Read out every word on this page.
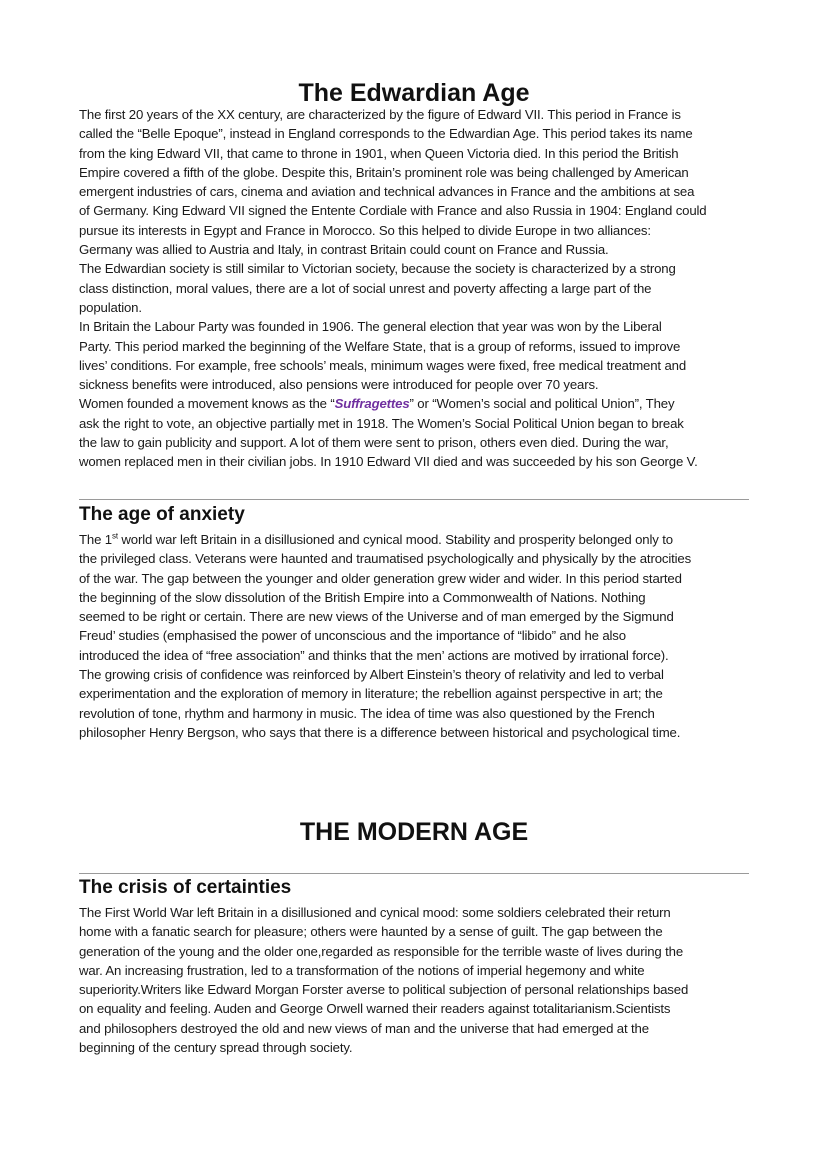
The Edwardian Age
The first 20 years of the XX century, are characterized by the figure of Edward VII. This period in France is
called the “Belle Epoque”, instead in England corresponds to the Edwardian Age. This period takes its name
from the king Edward VII, that came to throne in 1901, when Queen Victoria died. In this period the British
Empire covered a fifth of the globe. Despite this, Britain’s prominent role was being challenged by American
emergent industries of cars, cinema and aviation and technical advances in France and the ambitions at sea
of Germany. King Edward VII signed the Entente Cordiale with France and also Russia in 1904: England could
pursue its interests in Egypt and France in Morocco. So this helped to divide Europe in two alliances:
Germany was allied to Austria and Italy, in contrast Britain could count on France and Russia.
The Edwardian society is still similar to Victorian society, because the society is characterized by a strong
class distinction, moral values, there are a lot of social unrest and poverty affecting a large part of the
population.
In Britain the Labour Party was founded in 1906. The general election that year was won by the Liberal
Party. This period marked the beginning of the Welfare State, that is a group of reforms, issued to improve
lives’ conditions. For example, free schools’ meals, minimum wages were fixed, free medical treatment and
sickness benefits were introduced, also pensions were introduced for people over 70 years.
Women founded a movement knows as the “Suffragettes” or “Women’s social and political Union”, They
ask the right to vote, an objective partially met in 1918. The Women’s Social Political Union began to break
the law to gain publicity and support. A lot of them were sent to prison, others even died. During the war,
women replaced men in their civilian jobs. In 1910 Edward VII died and was succeeded by his son George V.
The age of anxiety
The 1st world war left Britain in a disillusioned and cynical mood. Stability and prosperity belonged only to
the privileged class. Veterans were haunted and traumatised psychologically and physically by the atrocities
of the war. The gap between the younger and older generation grew wider and wider. In this period started
the beginning of the slow dissolution of the British Empire into a Commonwealth of Nations. Nothing
seemed to be right or certain. There are new views of the Universe and of man emerged by the Sigmund
Freud’ studies (emphasised the power of unconscious and the importance of “libido” and he also
introduced the idea of “free association” and thinks that the men’ actions are motived by irrational force).
The growing crisis of confidence was reinforced by Albert Einstein’s theory of relativity and led to verbal
experimentation and the exploration of memory in literature; the rebellion against perspective in art; the
revolution of tone, rhythm and harmony in music. The idea of time was also questioned by the French
philosopher Henry Bergson, who says that there is a difference between historical and psychological time.
THE MODERN AGE
The crisis of certainties
The First World War left Britain in a disillusioned and cynical mood: some soldiers celebrated their return
home with a fanatic search for pleasure; others were haunted by a sense of guilt. The gap between the
generation of the young and the older one,regarded as responsible for the terrible waste of lives during the
war. An increasing frustration, led to a transformation of the notions of imperial hegemony and white
superiority.Writers like Edward Morgan Forster averse to political subjection of personal relationships based
on equality and feeling. Auden and George Orwell warned their readers against totalitarianism.Scientists
and philosophers destroyed the old and new views of man and the universe that had emerged at the
beginning of the century spread through society.
